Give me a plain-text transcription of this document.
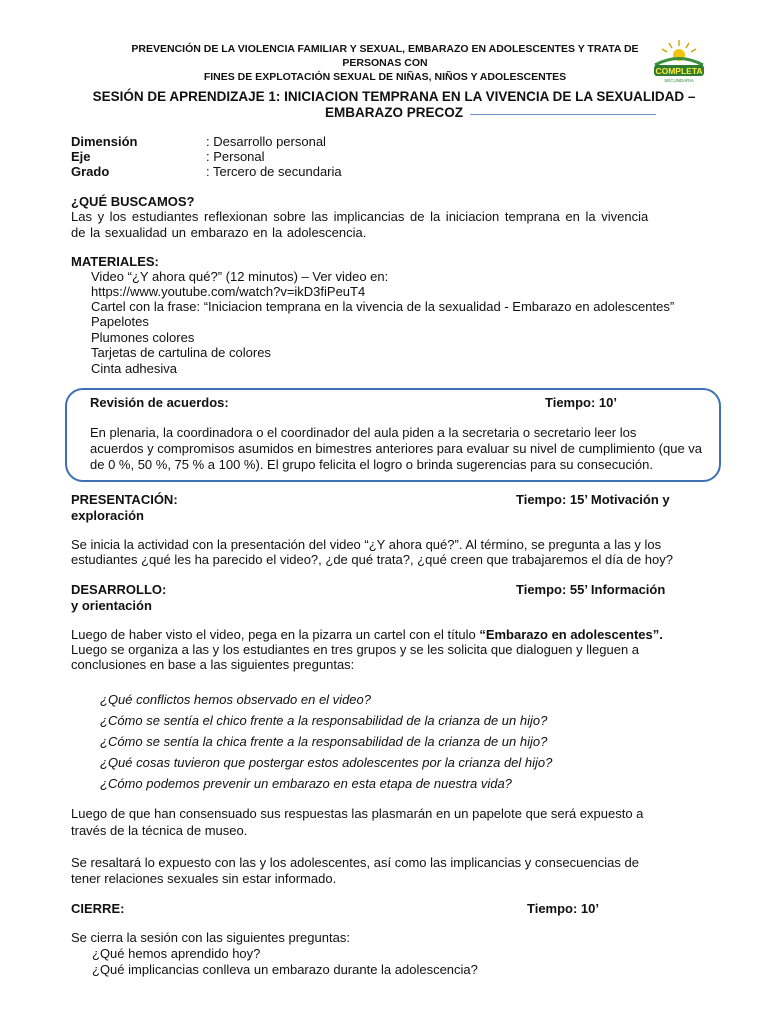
PREVENCIÓN DE LA VIOLENCIA FAMILIAR Y SEXUAL, EMBARAZO EN ADOLESCENTES Y TRATA DE PERSONAS CON
FINES DE EXPLOTACIÓN SEXUAL DE NIÑAS, NIÑOS Y ADOLESCENTES	COMPLETA
SECUNDARIA
SESIÓN DE APRENDIZAJE 1: INICIACION TEMPRANA EN LA VIVENCIA DE LA SEXUALIDAD –
EMBARAZO PRECOZ
Dimensión	: Desarrollo personal
Eje	: Personal
Grado	: Tercero de secundaria
¿QUÉ BUSCAMOS?
Las y los estudiantes reflexionan sobre las implicancias de la iniciacion temprana en la vivencia
de la sexualidad un embarazo en la adolescencia.
MATERIALES:
Video “¿Y ahora qué?” (12 minutos) – Ver video en:
https://www.youtube.com/watch?v=ikD3fiPeuT4
Cartel con la frase: “Iniciacion temprana en la vivencia de la sexualidad - Embarazo en adolescentes”
Papelotes
Plumones colores
Tarjetas de cartulina de colores
Cinta adhesiva
Revisión de acuerdos:	Tiempo: 10’
En plenaria, la coordinadora o el coordinador del aula piden a la secretaria o secretario leer los
acuerdos y compromisos asumidos en bimestres anteriores para evaluar su nivel de cumplimiento (que va
de 0 %, 50 %, 75 % a 100 %). El grupo felicita el logro o brinda sugerencias para su consecución.
PRESENTACIÓN:	Tiempo: 15’ Motivación y
exploración
Se inicia la actividad con la presentación del video “¿Y ahora qué?”. Al término, se pregunta a las y los
estudiantes ¿qué les ha parecido el video?, ¿de qué trata?, ¿qué creen que trabajaremos el día de hoy?
DESARROLLO:	Tiempo: 55’ Información
y orientación
Luego de haber visto el video, pega en la pizarra un cartel con el título “Embarazo en adolescentes”.
Luego se organiza a las y los estudiantes en tres grupos y se les solicita que dialoguen y lleguen a
conclusiones en base a las siguientes preguntas:
¿Qué conflictos hemos observado en el video?
¿Cómo se sentía el chico frente a la responsabilidad de la crianza de un hijo?
¿Cómo se sentía la chica frente a la responsabilidad de la crianza de un hijo?
¿Qué cosas tuvieron que postergar estos adolescentes por la crianza del hijo?
¿Cómo podemos prevenir un embarazo en esta etapa de nuestra vida?
Luego de que han consensuado sus respuestas las plasmarán en un papelote que será expuesto a
través de la técnica de museo.
Se resaltará lo expuesto con las y los adolescentes, así como las implicancias y consecuencias de
tener relaciones sexuales sin estar informado.
CIERRE:	Tiempo: 10’
Se cierra la sesión con las siguientes preguntas:
¿Qué hemos aprendido hoy?
¿Qué implicancias conlleva un embarazo durante la adolescencia?
